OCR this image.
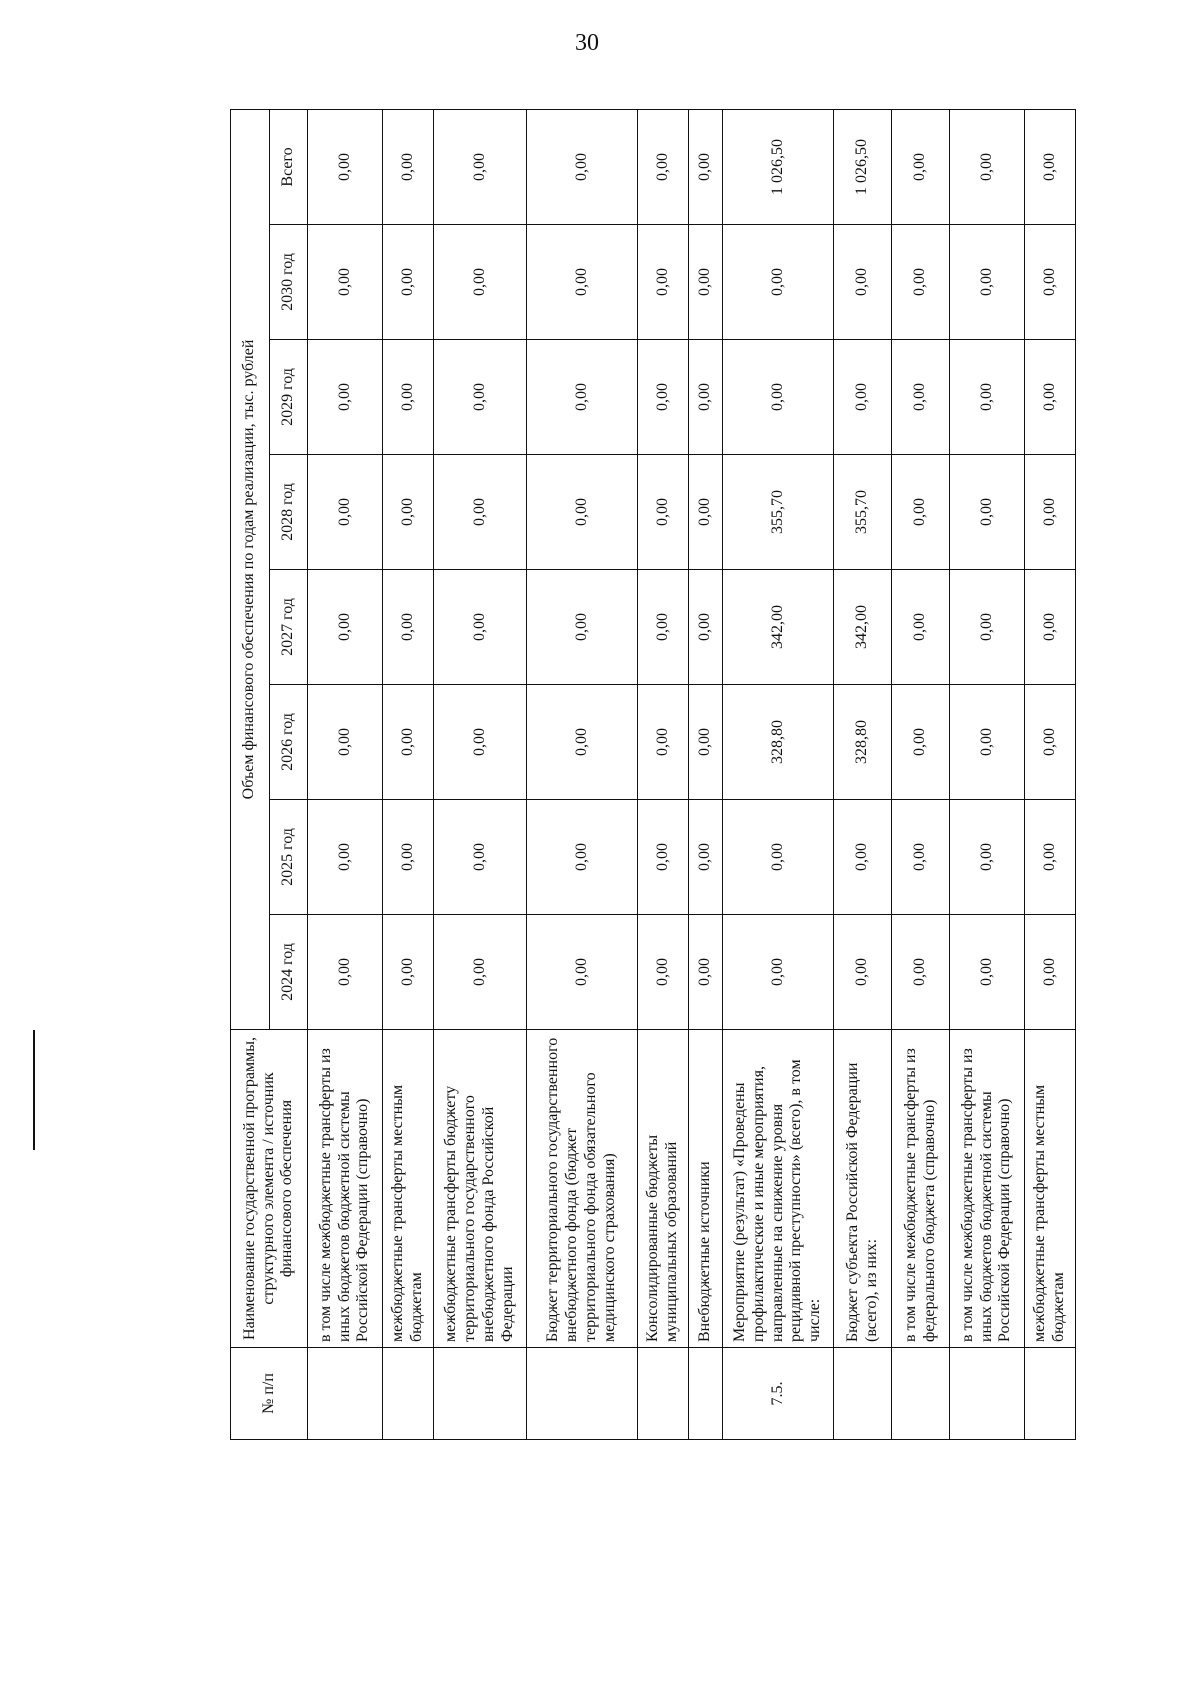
30
№ п/п	Наименование государственной программы, структурного элемента / источник финансового обеспечения	Объем финансового обеспечения по годам реализации, тыс. рублей							
		2024 год	2025 год	2026 год	2027 год	2028 год	2029 год	2030 год	Всего
	в том числе межбюджетные трансферты из иных бюджетов бюджетной системы Российской Федерации (справочно)	0,00	0,00	0,00	0,00	0,00	0,00	0,00	0,00
	межбюджетные трансферты местным бюджетам	0,00	0,00	0,00	0,00	0,00	0,00	0,00	0,00
	межбюджетные трансферты бюджету территориального государственного внебюджетного фонда Российской Федерации	0,00	0,00	0,00	0,00	0,00	0,00	0,00	0,00
	Бюджет территориального государственного внебюджетного фонда (бюджет территориального фонда обязательного медицинского страхования)	0,00	0,00	0,00	0,00	0,00	0,00	0,00	0,00
	Консолидированные бюджеты муниципальных образований	0,00	0,00	0,00	0,00	0,00	0,00	0,00	0,00
	Внебюджетные источники	0,00	0,00	0,00	0,00	0,00	0,00	0,00	0,00
7.5.	Мероприятие (результат) «Проведены профилактические и иные мероприятия, направленные на снижение уровня рецидивной преступности» (всего), в том числе:	0,00	0,00	328,80	342,00	355,70	0,00	0,00	1 026,50
	Бюджет субъекта Российской Федерации (всего), из них:	0,00	0,00	328,80	342,00	355,70	0,00	0,00	1 026,50
	в том числе межбюджетные трансферты из федерального бюджета (справочно)	0,00	0,00	0,00	0,00	0,00	0,00	0,00	0,00
	в том числе межбюджетные трансферты из иных бюджетов бюджетной системы Российской Федерации (справочно)	0,00	0,00	0,00	0,00	0,00	0,00	0,00	0,00
	межбюджетные трансферты местным бюджетам	0,00	0,00	0,00	0,00	0,00	0,00	0,00	0,00
